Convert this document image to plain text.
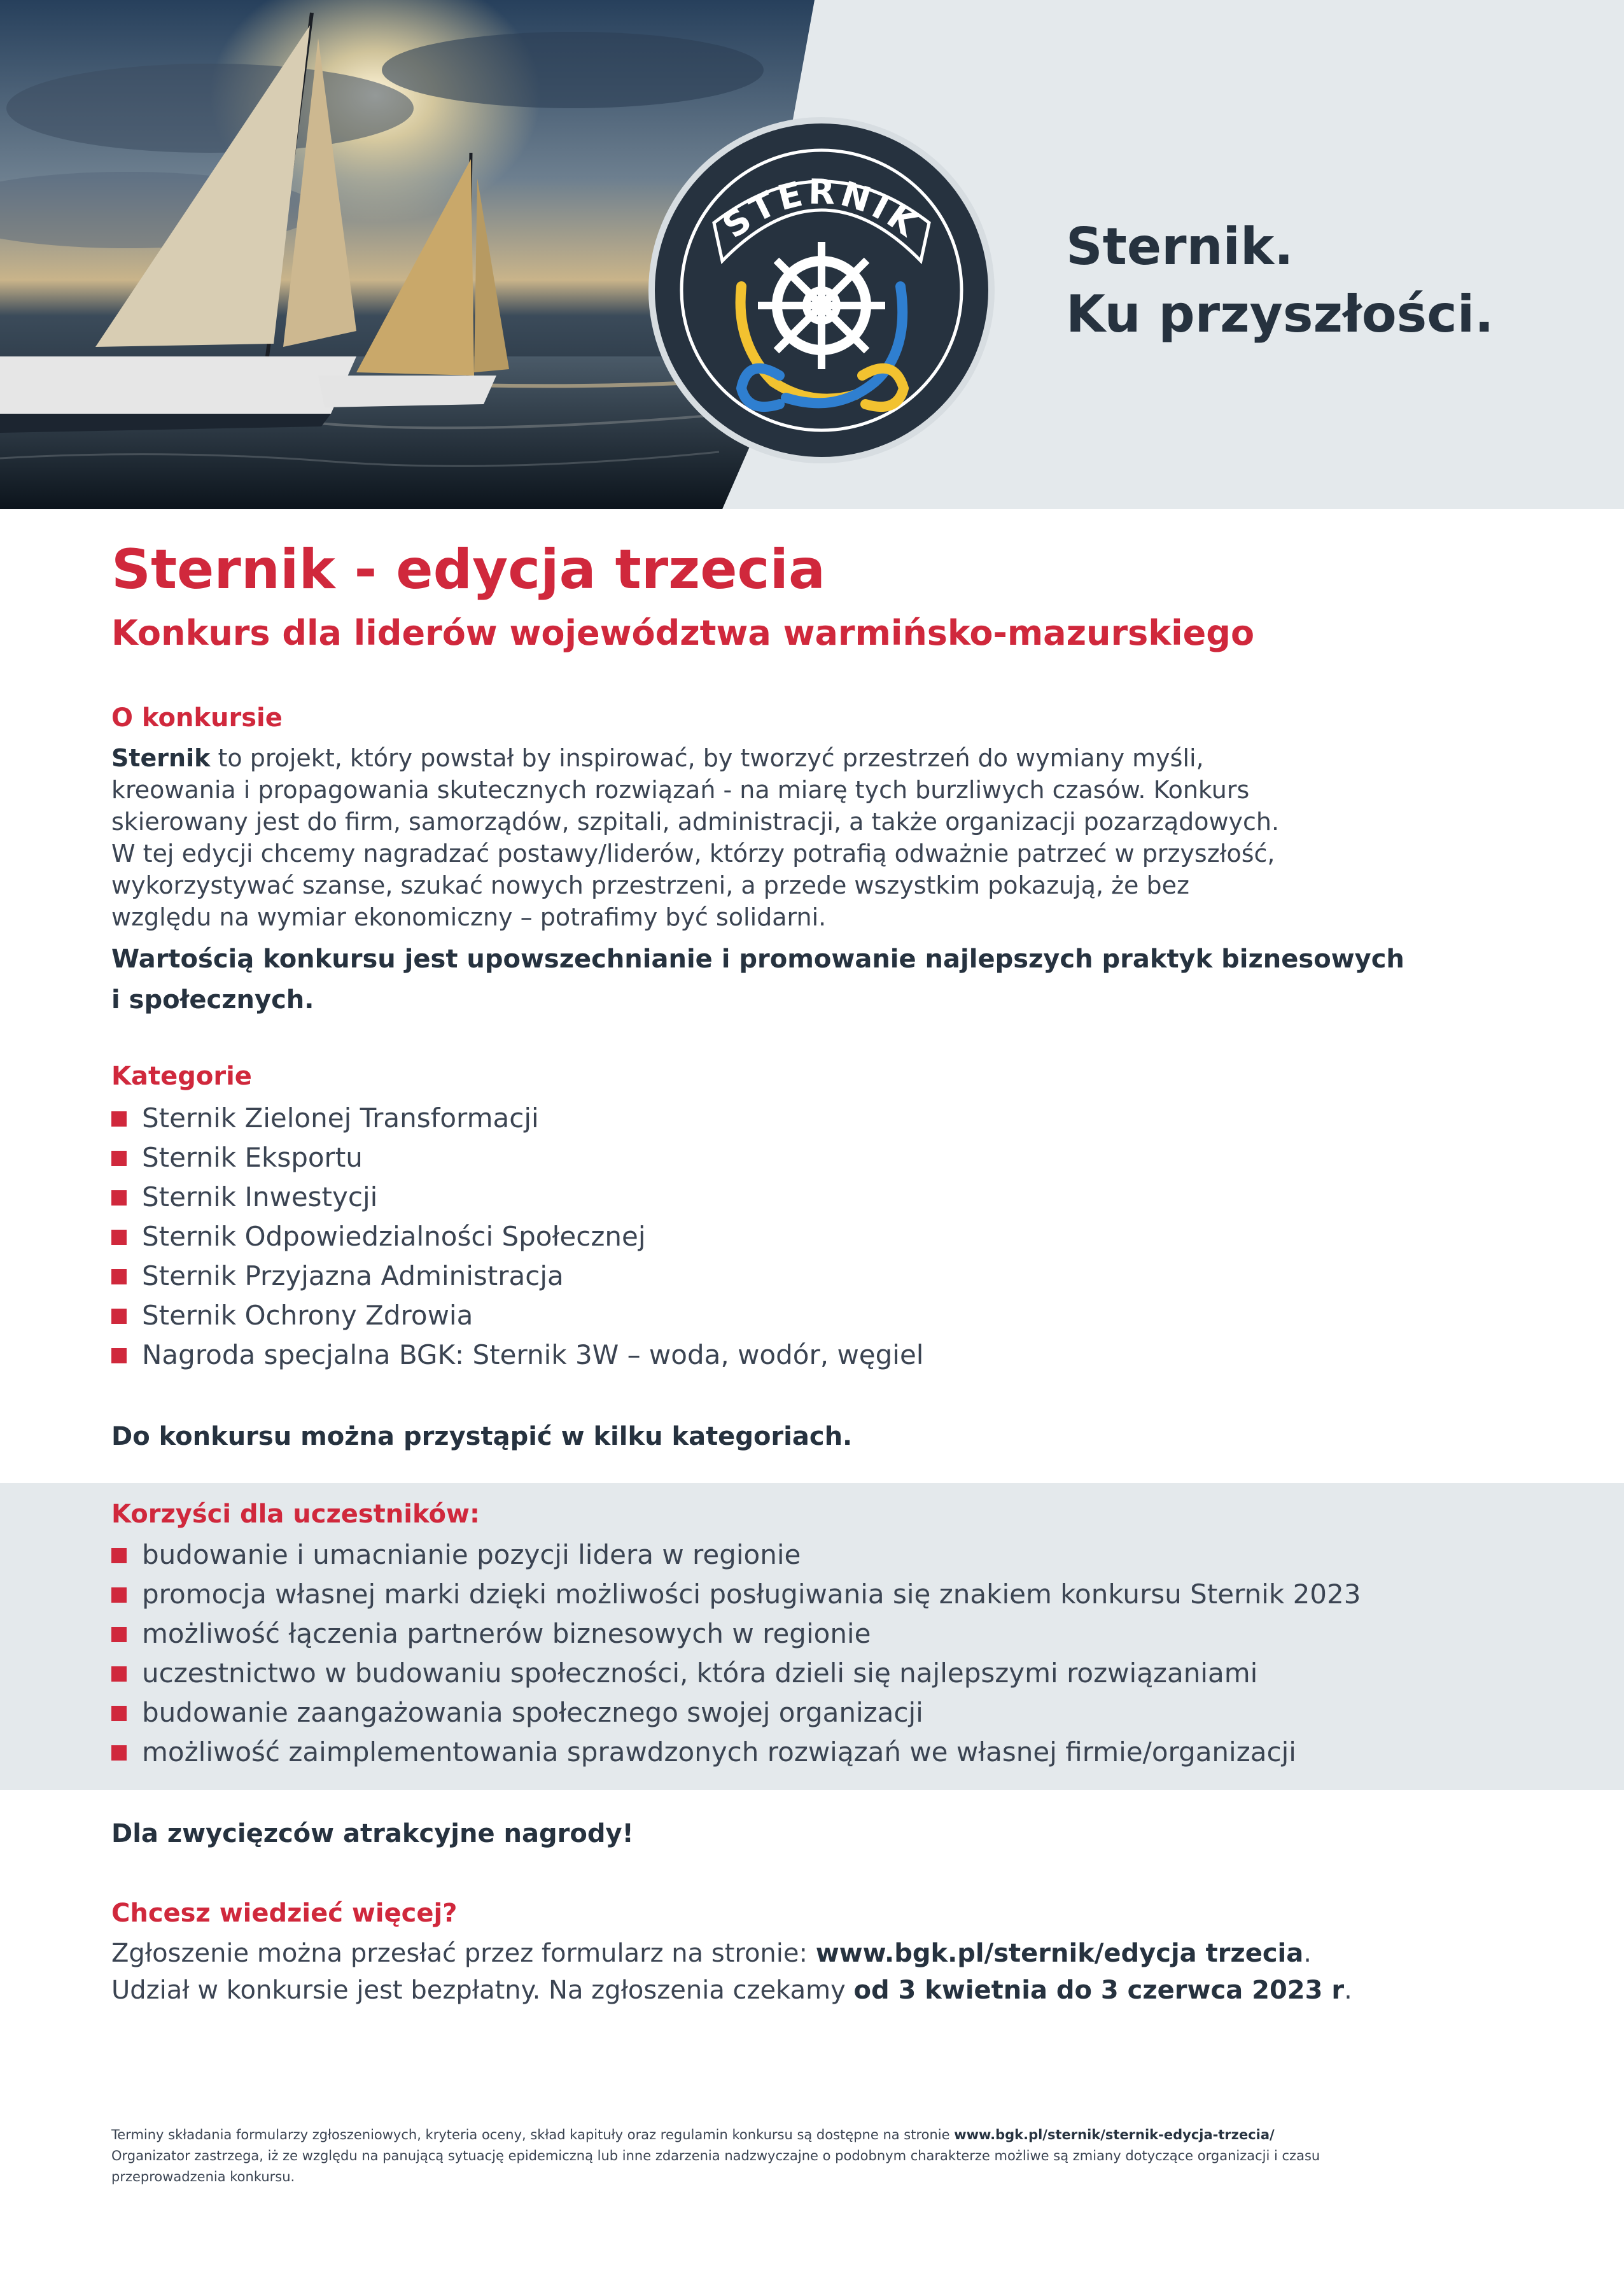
STERNIK	Sternik.
Ku przyszłości.
Sternik - edycja trzecia
Konkurs dla liderów województwa warmińsko-mazurskiego
O konkursie
Sternik to projekt, który powstał by inspirować, by tworzyć przestrzeń do wymiany myśli,
kreowania i propagowania skutecznych rozwiązań - na miarę tych burzliwych czasów. Konkurs
skierowany jest do firm, samorządów, szpitali, administracji, a także organizacji pozarządowych.
W tej edycji chcemy nagradzać postawy/liderów, którzy potrafią odważnie patrzeć w przyszłość,
wykorzystywać szanse, szukać nowych przestrzeni, a przede wszystkim pokazują, że bez
względu na wymiar ekonomiczny – potrafimy być solidarni.
Wartością konkursu jest upowszechnianie i promowanie najlepszych praktyk biznesowych
i społecznych.
Kategorie
Sternik Zielonej Transformacji
Sternik Eksportu
Sternik Inwestycji
Sternik Odpowiedzialności Społecznej
Sternik Przyjazna Administracja
Sternik Ochrony Zdrowia
Nagroda specjalna BGK: Sternik 3W – woda, wodór, węgiel
Do konkursu można przystąpić w kilku kategoriach.
Korzyści dla uczestników:
budowanie i umacnianie pozycji lidera w regionie
promocja własnej marki dzięki możliwości posługiwania się znakiem konkursu Sternik 2023
możliwość łączenia partnerów biznesowych w regionie
uczestnictwo w budowaniu społeczności, która dzieli się najlepszymi rozwiązaniami
budowanie zaangażowania społecznego swojej organizacji
możliwość zaimplementowania sprawdzonych rozwiązań we własnej firmie/organizacji
Dla zwycięzców atrakcyjne nagrody!
Chcesz wiedzieć więcej?
Zgłoszenie można przesłać przez formularz na stronie: www.bgk.pl/sternik/edycja trzecia.
Udział w konkursie jest bezpłatny. Na zgłoszenia czekamy od 3 kwietnia do 3 czerwca 2023 r.
Terminy składania formularzy zgłoszeniowych, kryteria oceny, skład kapituły oraz regulamin konkursu są dostępne na stronie www.bgk.pl/sternik/sternik-edycja-trzecia/
Organizator zastrzega, iż ze względu na panującą sytuację epidemiczną lub inne zdarzenia nadzwyczajne o podobnym charakterze możliwe są zmiany dotyczące organizacji i czasu
przeprowadzenia konkursu.
